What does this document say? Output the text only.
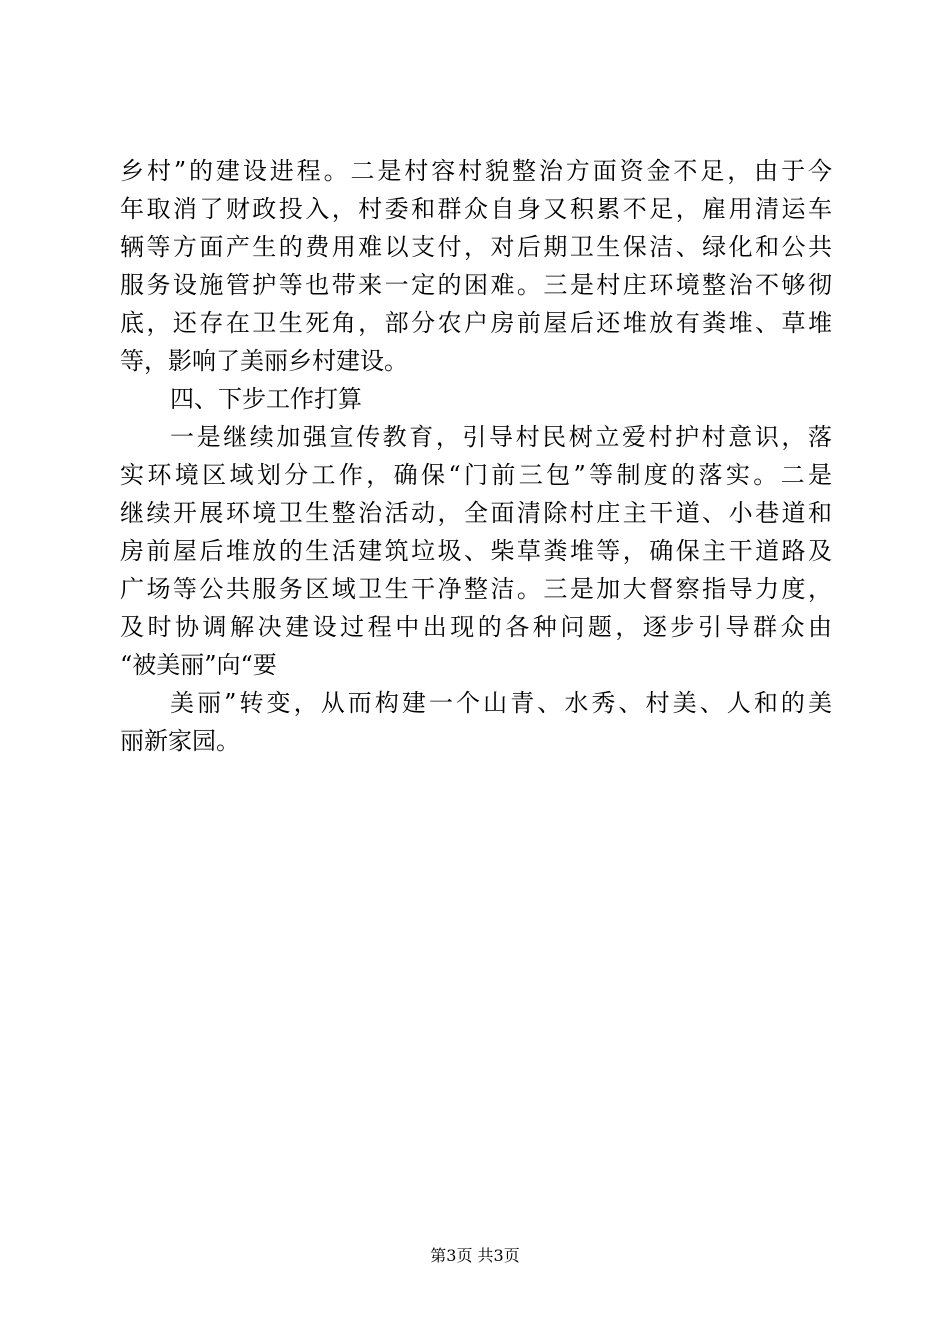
乡村”的建设进程。二是村容村貌整治方面资金不足，由于今
年取消了财政投入，村委和群众自身又积累不足，雇用清运车
辆等方面产生的费用难以支付，对后期卫生保洁、绿化和公共
服务设施管护等也带来一定的困难。三是村庄环境整治不够彻
底，还存在卫生死角，部分农户房前屋后还堆放有粪堆、草堆
等，影响了美丽乡村建设。
四、下步工作打算
一是继续加强宣传教育，引导村民树立爱村护村意识，落
实环境区域划分工作，确保“门前三包”等制度的落实。二是
继续开展环境卫生整治活动，全面清除村庄主干道、小巷道和
房前屋后堆放的生活建筑垃圾、柴草粪堆等，确保主干道路及
广场等公共服务区域卫生干净整洁。三是加大督察指导力度，
及时协调解决建设过程中出现的各种问题，逐步引导群众由
“被美丽”向“要
美丽”转变，从而构建一个山青、水秀、村美、人和的美
丽新家园。
第3页 共3页
